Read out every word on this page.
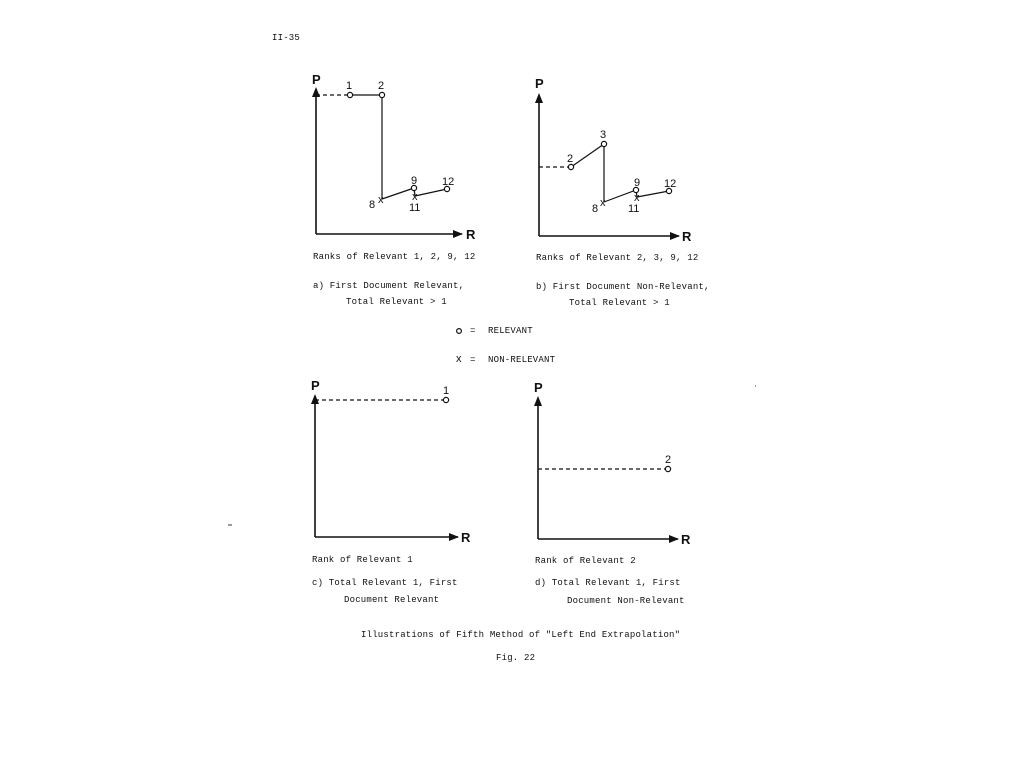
II-35
P
R
x	x
1 2
8
9
11
12
Ranks of Relevant 1, 2, 9, 12
a) First Document Relevant,
Total Relevant > 1
P
R
x	x
2
3
8
9
11
12
Ranks of Relevant 2, 3, 9, 12
b) First Document Non-Relevant,
Total Relevant > 1
= RELEVANT
x = NON-RELEVANT
P
R
1
Rank of Relevant 1
c) Total Relevant 1, First
Document Relevant
P
R
2
Rank of Relevant 2
d) Total Relevant 1, First
Document Non-Relevant
Illustrations of Fifth Method of "Left End Extrapolation"
Fig. 22
